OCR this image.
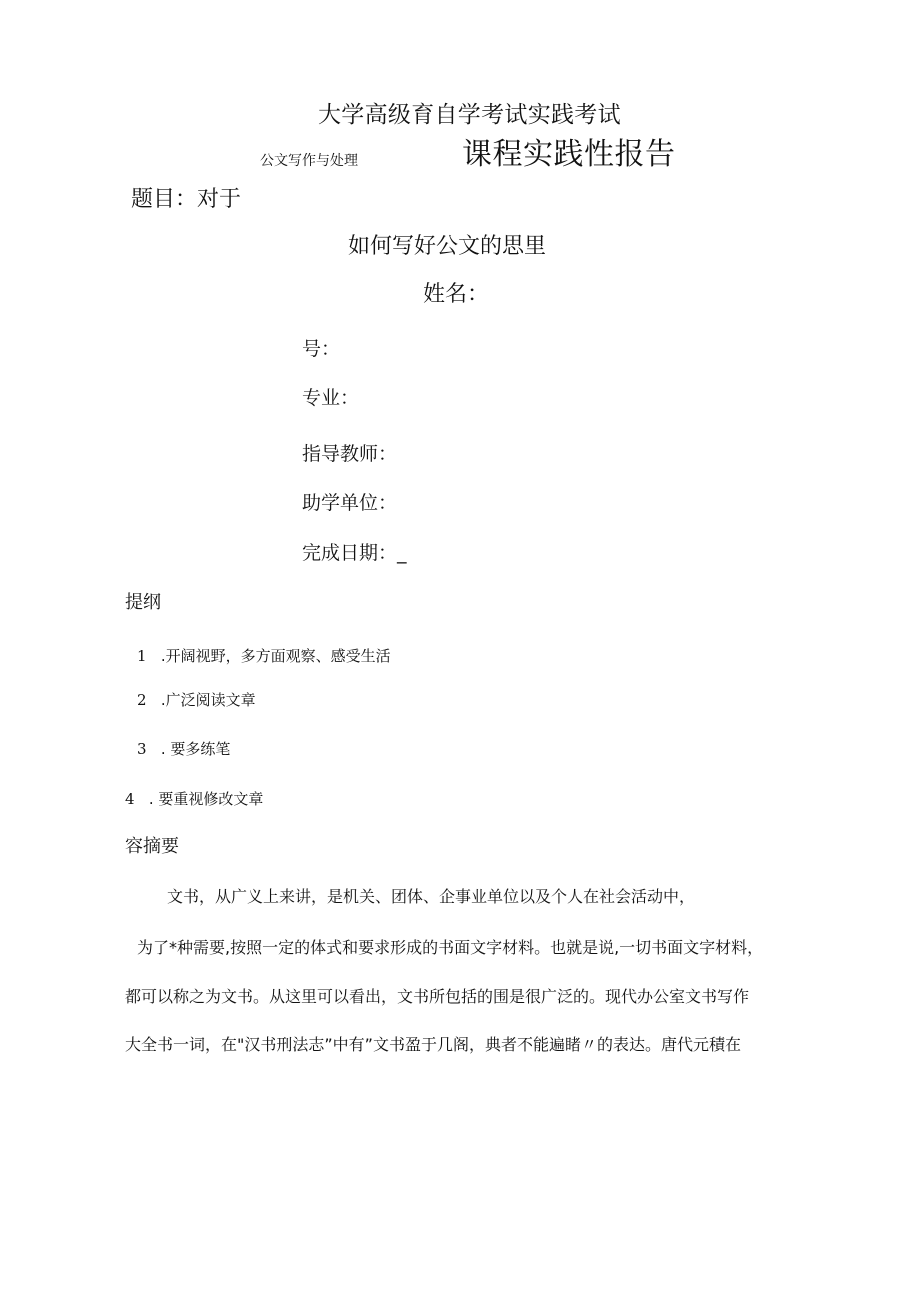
大学高级育自学考试实践考试
公文写作与处理	课程实践性报告
题目：对于
如何写好公文的思里
姓名：
号：
专业：
指导教师：
助学单位：
完成日期：_
提纲
1 .开阔视野，多方面观察、感受生活
2 .广泛阅读文章
3 . 要多练笔
4 . 要重视修改文章
容摘要
文书，从广义上来讲，是机关、团体、企事业单位以及个人在社会活动中，
为了*种需要,按照一定的体式和要求形成的书面文字材料。也就是说,一切书面文字材料，
都可以称之为文书。从这里可以看出，文书所包括的围是很广泛的。现代办公室文书写作
大全书一词，在"汉书刑法志”中有”文书盈于几阁，典者不能遍睹〃的表达。唐代元積在
